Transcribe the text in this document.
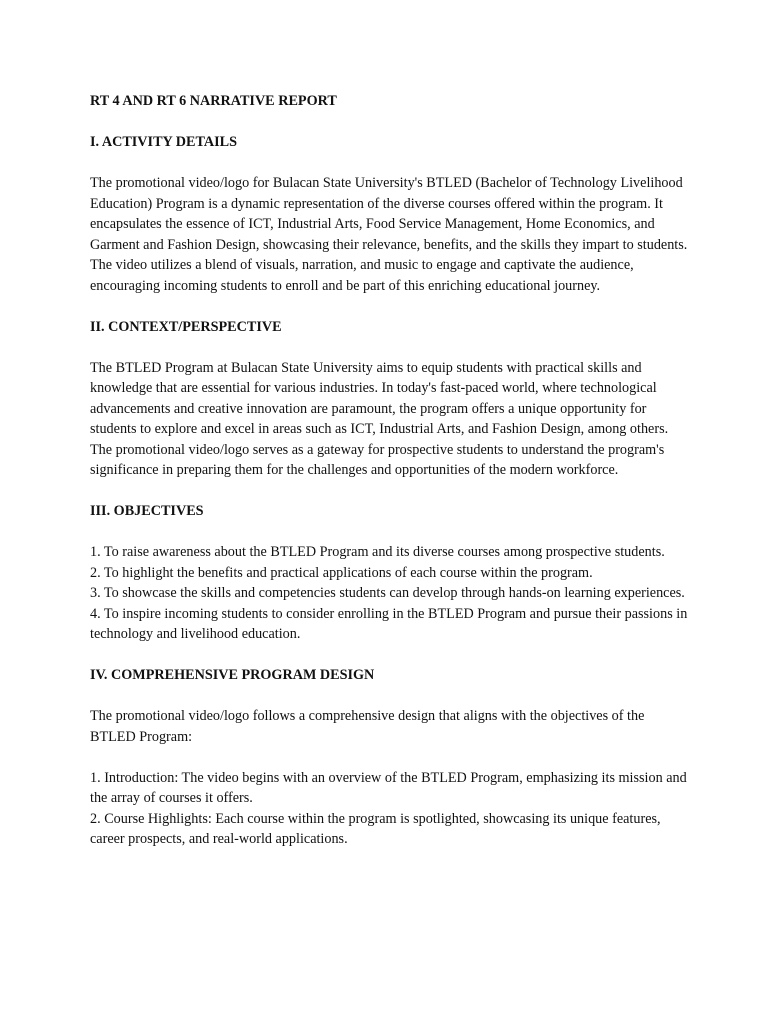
RT 4 AND RT 6 NARRATIVE REPORT

I. ACTIVITY DETAILS

The promotional video/logo for Bulacan State University's BTLED (Bachelor of Technology Livelihood Education) Program is a dynamic representation of the diverse courses offered within the program. It encapsulates the essence of ICT, Industrial Arts, Food Service Management, Home Economics, and Garment and Fashion Design, showcasing their relevance, benefits, and the skills they impart to students. The video utilizes a blend of visuals, narration, and music to engage and captivate the audience, encouraging incoming students to enroll and be part of this enriching educational journey.

II. CONTEXT/PERSPECTIVE

The BTLED Program at Bulacan State University aims to equip students with practical skills and knowledge that are essential for various industries. In today's fast-paced world, where technological advancements and creative innovation are paramount, the program offers a unique opportunity for students to explore and excel in areas such as ICT, Industrial Arts, and Fashion Design, among others. The promotional video/logo serves as a gateway for prospective students to understand the program's significance in preparing them for the challenges and opportunities of the modern workforce.

III. OBJECTIVES

1. To raise awareness about the BTLED Program and its diverse courses among prospective students.
2. To highlight the benefits and practical applications of each course within the program.
3. To showcase the skills and competencies students can develop through hands-on learning experiences.
4. To inspire incoming students to consider enrolling in the BTLED Program and pursue their passions in technology and livelihood education.

IV. COMPREHENSIVE PROGRAM DESIGN

The promotional video/logo follows a comprehensive design that aligns with the objectives of the BTLED Program:

1. Introduction: The video begins with an overview of the BTLED Program, emphasizing its mission and the array of courses it offers.
2. Course Highlights: Each course within the program is spotlighted, showcasing its unique features, career prospects, and real-world applications.
